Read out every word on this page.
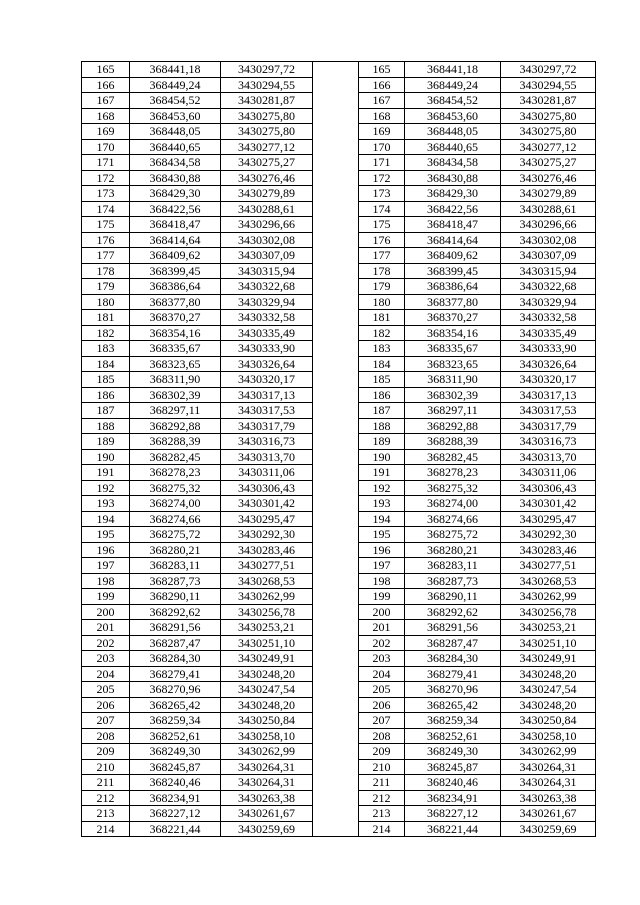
165	368441,18	3430297,72		165	368441,18	3430297,72
166	368449,24	3430294,55		166	368449,24	3430294,55
167	368454,52	3430281,87		167	368454,52	3430281,87
168	368453,60	3430275,80		168	368453,60	3430275,80
169	368448,05	3430275,80		169	368448,05	3430275,80
170	368440,65	3430277,12		170	368440,65	3430277,12
171	368434,58	3430275,27		171	368434,58	3430275,27
172	368430,88	3430276,46		172	368430,88	3430276,46
173	368429,30	3430279,89		173	368429,30	3430279,89
174	368422,56	3430288,61		174	368422,56	3430288,61
175	368418,47	3430296,66		175	368418,47	3430296,66
176	368414,64	3430302,08		176	368414,64	3430302,08
177	368409,62	3430307,09		177	368409,62	3430307,09
178	368399,45	3430315,94		178	368399,45	3430315,94
179	368386,64	3430322,68		179	368386,64	3430322,68
180	368377,80	3430329,94		180	368377,80	3430329,94
181	368370,27	3430332,58		181	368370,27	3430332,58
182	368354,16	3430335,49		182	368354,16	3430335,49
183	368335,67	3430333,90		183	368335,67	3430333,90
184	368323,65	3430326,64		184	368323,65	3430326,64
185	368311,90	3430320,17		185	368311,90	3430320,17
186	368302,39	3430317,13		186	368302,39	3430317,13
187	368297,11	3430317,53		187	368297,11	3430317,53
188	368292,88	3430317,79		188	368292,88	3430317,79
189	368288,39	3430316,73		189	368288,39	3430316,73
190	368282,45	3430313,70		190	368282,45	3430313,70
191	368278,23	3430311,06		191	368278,23	3430311,06
192	368275,32	3430306,43		192	368275,32	3430306,43
193	368274,00	3430301,42		193	368274,00	3430301,42
194	368274,66	3430295,47		194	368274,66	3430295,47
195	368275,72	3430292,30		195	368275,72	3430292,30
196	368280,21	3430283,46		196	368280,21	3430283,46
197	368283,11	3430277,51		197	368283,11	3430277,51
198	368287,73	3430268,53		198	368287,73	3430268,53
199	368290,11	3430262,99		199	368290,11	3430262,99
200	368292,62	3430256,78		200	368292,62	3430256,78
201	368291,56	3430253,21		201	368291,56	3430253,21
202	368287,47	3430251,10		202	368287,47	3430251,10
203	368284,30	3430249,91		203	368284,30	3430249,91
204	368279,41	3430248,20		204	368279,41	3430248,20
205	368270,96	3430247,54		205	368270,96	3430247,54
206	368265,42	3430248,20		206	368265,42	3430248,20
207	368259,34	3430250,84		207	368259,34	3430250,84
208	368252,61	3430258,10		208	368252,61	3430258,10
209	368249,30	3430262,99		209	368249,30	3430262,99
210	368245,87	3430264,31		210	368245,87	3430264,31
211	368240,46	3430264,31		211	368240,46	3430264,31
212	368234,91	3430263,38		212	368234,91	3430263,38
213	368227,12	3430261,67		213	368227,12	3430261,67
214	368221,44	3430259,69		214	368221,44	3430259,69
